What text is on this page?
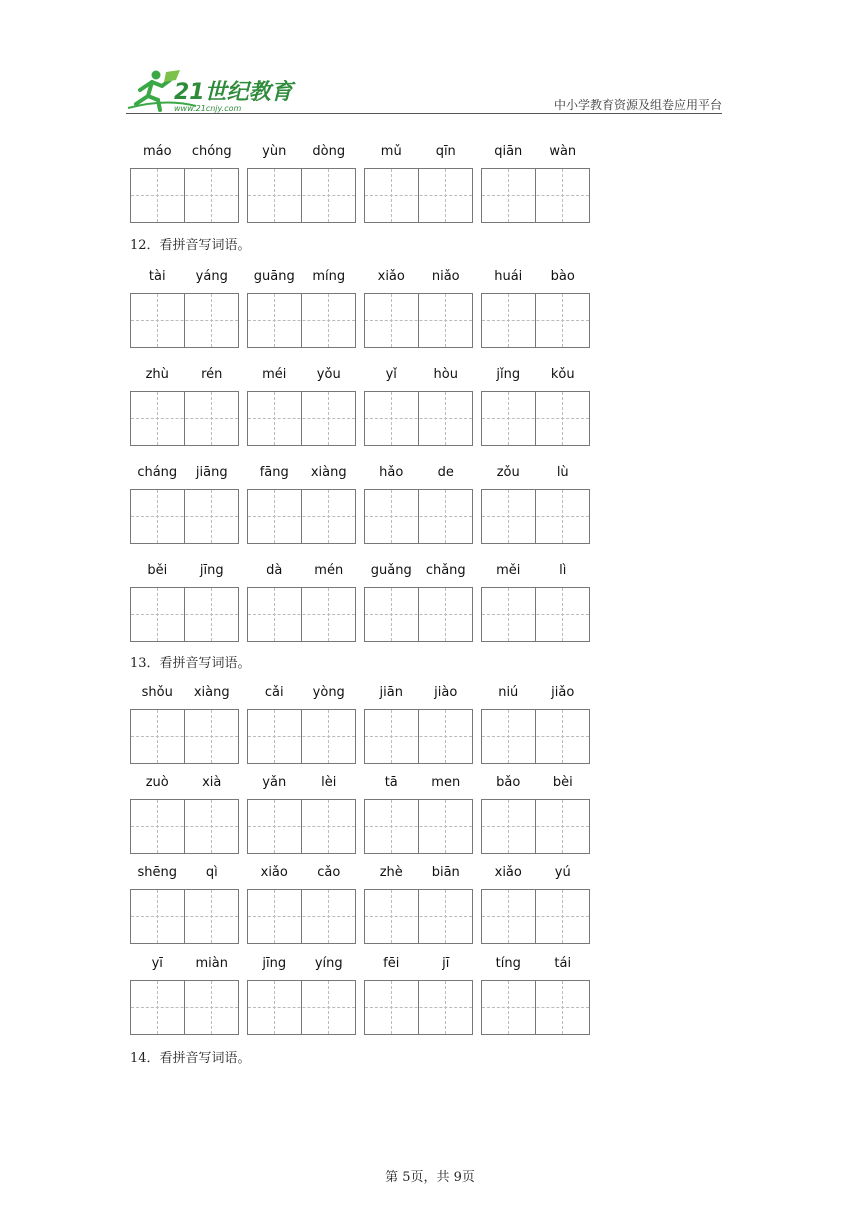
21世纪教育
www.21cnjy.com	中小学教育资源及组卷应用平台
máo	chóng	yùn	dòng	mǔ	qīn	qiān	wàn
12．看拼音写词语。
tài	yáng	guāng	míng	xiǎo	niǎo	huái	bào
zhù	rén	méi	yǒu	yǐ	hòu	jǐng	kǒu
cháng	jiāng	fāng	xiàng	hǎo	de	zǒu	lù
běi	jīng	dà	mén	guǎng	chǎng	měi	lì
13．看拼音写词语。
shǒu	xiàng	cǎi	yòng	jiān	jiào	niú	jiǎo
zuò	xià	yǎn	lèi	tā	men	bǎo	bèi
shēng	qì	xiǎo	cǎo	zhè	biān	xiǎo	yú
yī	miàn	jīng	yíng	fēi	jī	tíng	tái
14．看拼音写词语。
第 5页，共 9页
